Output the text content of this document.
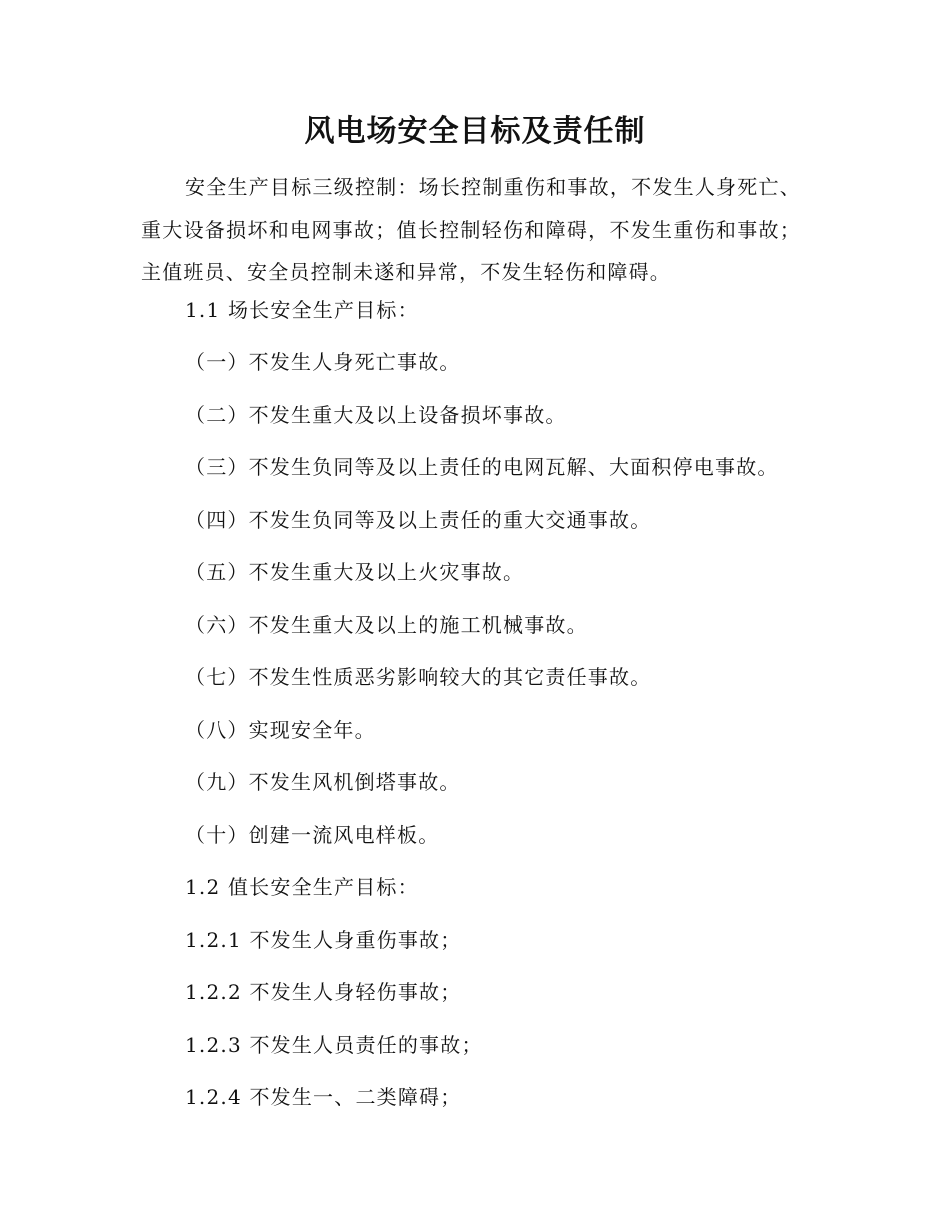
风电场安全目标及责任制
安全生产目标三级控制：场长控制重伤和事故，不发生人身死亡、重大设备损坏和电网事故；值长控制轻伤和障碍，不发生重伤和事故；主值班员、安全员控制未遂和异常，不发生轻伤和障碍。
1.1 场长安全生产目标：
（一）不发生人身死亡事故。
（二）不发生重大及以上设备损坏事故。
（三）不发生负同等及以上责任的电网瓦解、大面积停电事故。
（四）不发生负同等及以上责任的重大交通事故。
（五）不发生重大及以上火灾事故。
（六）不发生重大及以上的施工机械事故。
（七）不发生性质恶劣影响较大的其它责任事故。
（八）实现安全年。
（九）不发生风机倒塔事故。
（十）创建一流风电样板。
1.2 值长安全生产目标：
1.2.1 不发生人身重伤事故；
1.2.2 不发生人身轻伤事故；
1.2.3 不发生人员责任的事故；
1.2.4 不发生一、二类障碍；
